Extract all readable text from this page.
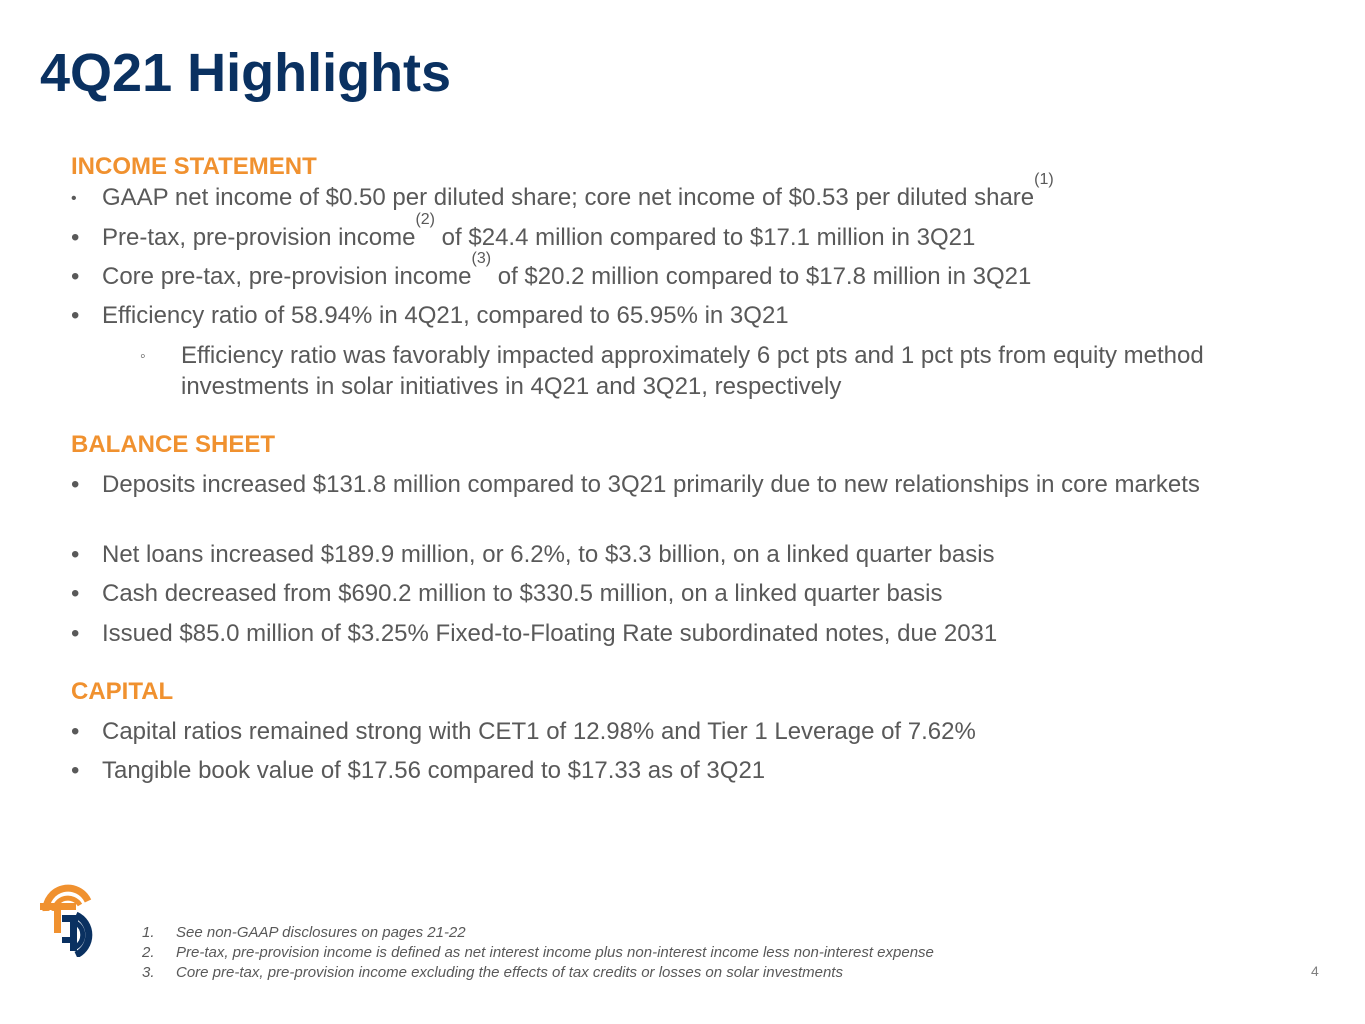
4Q21 Highlights
INCOME STATEMENT
•	GAAP net income of $0.50 per diluted share; core net income of $0.53 per diluted share$^{(1)}$
• Pre-tax, pre-provision income$^{(2)}$ of $24.4 million compared to $17.1 million in 3Q21
• Core pre-tax, pre-provision income$^{(3)}$ of $20.2 million compared to $17.8 million in 3Q21
• Efficiency ratio of 58.94% in 4Q21, compared to 65.95% in 3Q21
◦	Efficiency ratio was favorably impacted approximately 6 pct pts and 1 pct pts from equity method investments in solar initiatives in 4Q21 and 3Q21, respectively
BALANCE SHEET
• Deposits increased $131.8 million compared to 3Q21 primarily due to new relationships in core markets
• Net loans increased $189.9 million, or 6.2%, to $3.3 billion, on a linked quarter basis
• Cash decreased from $690.2 million to $330.5 million, on a linked quarter basis
• Issued $85.0 million of $3.25% Fixed-to-Floating Rate subordinated notes, due 2031
CAPITAL
• Capital ratios remained strong with CET1 of 12.98% and Tier 1 Leverage of 7.62%
• Tangible book value of $17.56 compared to $17.33 as of 3Q21
1. See non-GAAP disclosures on pages 21-22
2. Pre-tax, pre-provision income is defined as net interest income plus non-interest income less non-interest expense
3. Core pre-tax, pre-provision income excluding the effects of tax credits or losses on solar investments	4
